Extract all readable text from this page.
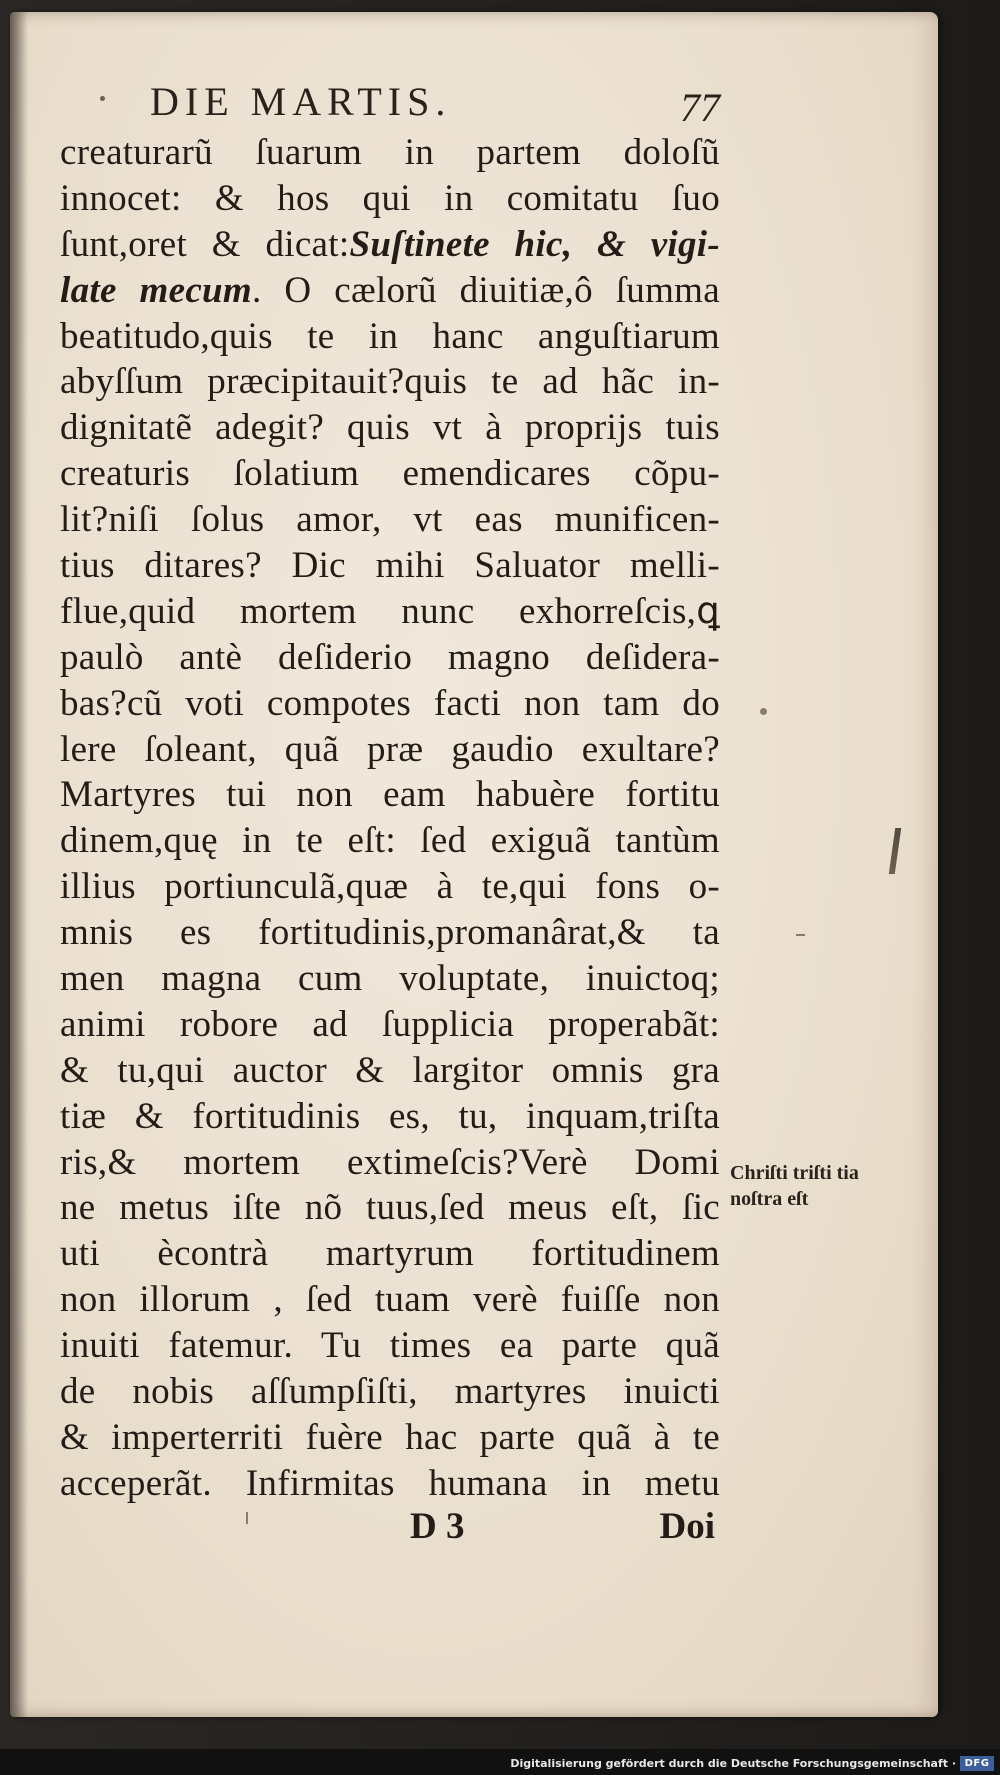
DIE MARTIS.	77
creaturarũ ſuarum in partem doloſũ
innocet: & hos qui in comitatu ſuo
ſunt,oret & dicat:Suſtinete hic, & vigi-
late mecum. O cælorũ diuitiæ,ô ſumma
beatitudo,quis te in hanc anguſtiarum
abyſſum præcipitauit?quis te ad hãc in-
dignitatẽ adegit? quis vt à proprijs tuis
creaturis ſolatium emendicares cõpu-
lit?niſi ſolus amor, vt eas munificen-
tius ditares? Dic mihi Saluator melli-
flue,quid mortem nunc exhorreſcis,ꝗ
paulò antè deſiderio magno deſidera-
bas?cũ voti compotes facti non tam do
lere ſoleant, quã præ gaudio exultare?
Martyres tui non eam habuère fortitu
dinem,quę in te eſt: ſed exiguã tantùm
illius portiunculã,quæ à te,qui fons o-
mnis es fortitudinis,promanârat,& ta
men magna cum voluptate, inuictoq;
animi robore ad ſupplicia properabãt:
& tu,qui auctor & largitor omnis gra
tiæ & fortitudinis es, tu, inquam,triſta
ris,& mortem extimeſcis?Verè Domi
ne metus iſte nõ tuus,ſed meus eſt, ſic
uti ècontrà martyrum fortitudinem
non illorum , ſed tuam verè fuiſſe non
inuiti fatemur. Tu times ea parte quã
de nobis aſſumpſiſti, martyres inuicti
& imperterriti fuère hac parte quã à te
acceperãt. Infirmitas humana in metu
Chriſti triſti tia noſtra eſt
D 3	Doi
Digitalisierung gefördert durch die Deutsche Forschungsgemeinschaft · DFG
